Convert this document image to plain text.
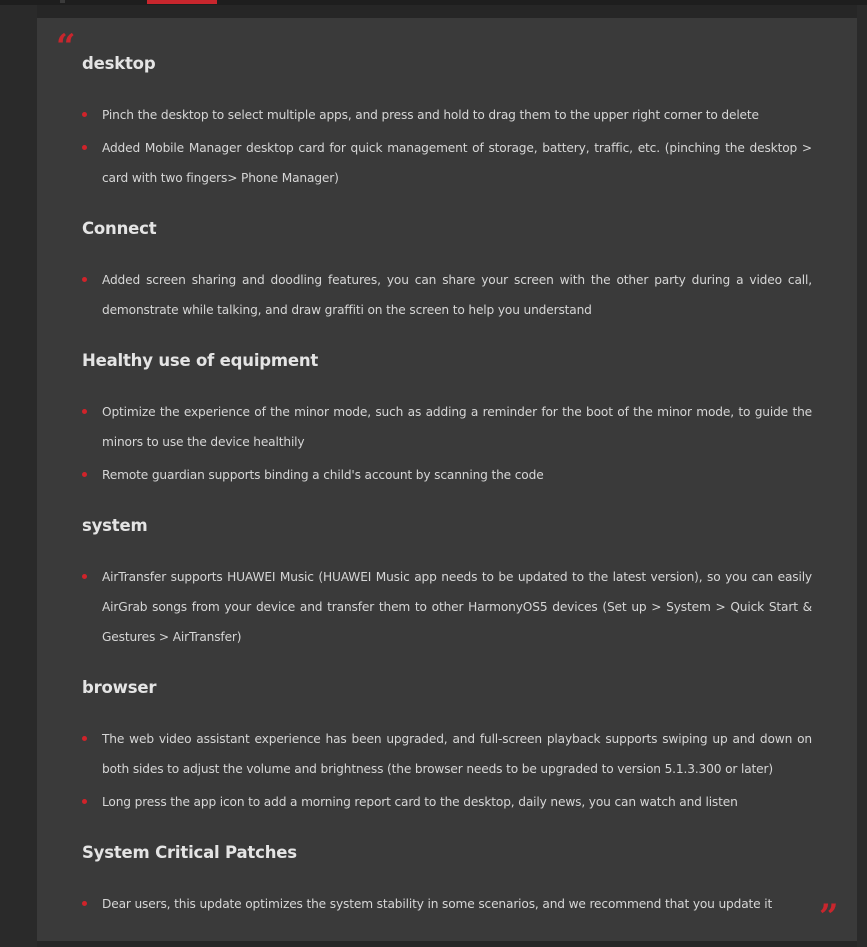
“ desktop
Pinch the desktop to select multiple apps, and press and hold to drag them to the upper right corner to delete
Added Mobile Manager desktop card for quick management of storage, battery, traffic, etc. (pinching the desktop > card with two fingers> Phone Manager)
Connect
Added screen sharing and doodling features, you can share your screen with the other party during a video call, demonstrate while talking, and draw graffiti on the screen to help you understand
Healthy use of equipment
Optimize the experience of the minor mode, such as adding a reminder for the boot of the minor mode, to guide the minors to use the device healthily
Remote guardian supports binding a child's account by scanning the code
system
AirTransfer supports HUAWEI Music (HUAWEI Music app needs to be updated to the latest version), so you can easily AirGrab songs from your device and transfer them to other HarmonyOS5 devices (Set up > System > Quick Start & Gestures > AirTransfer)
browser
The web video assistant experience has been upgraded, and full-screen playback supports swiping up and down on both sides to adjust the volume and brightness (the browser needs to be upgraded to version 5.1.3.300 or later)
Long press the app icon to add a morning report card to the desktop, daily news, you can watch and listen
System Critical Patches
Dear users, this update optimizes the system stability in some scenarios, and we recommend that you update it	”
